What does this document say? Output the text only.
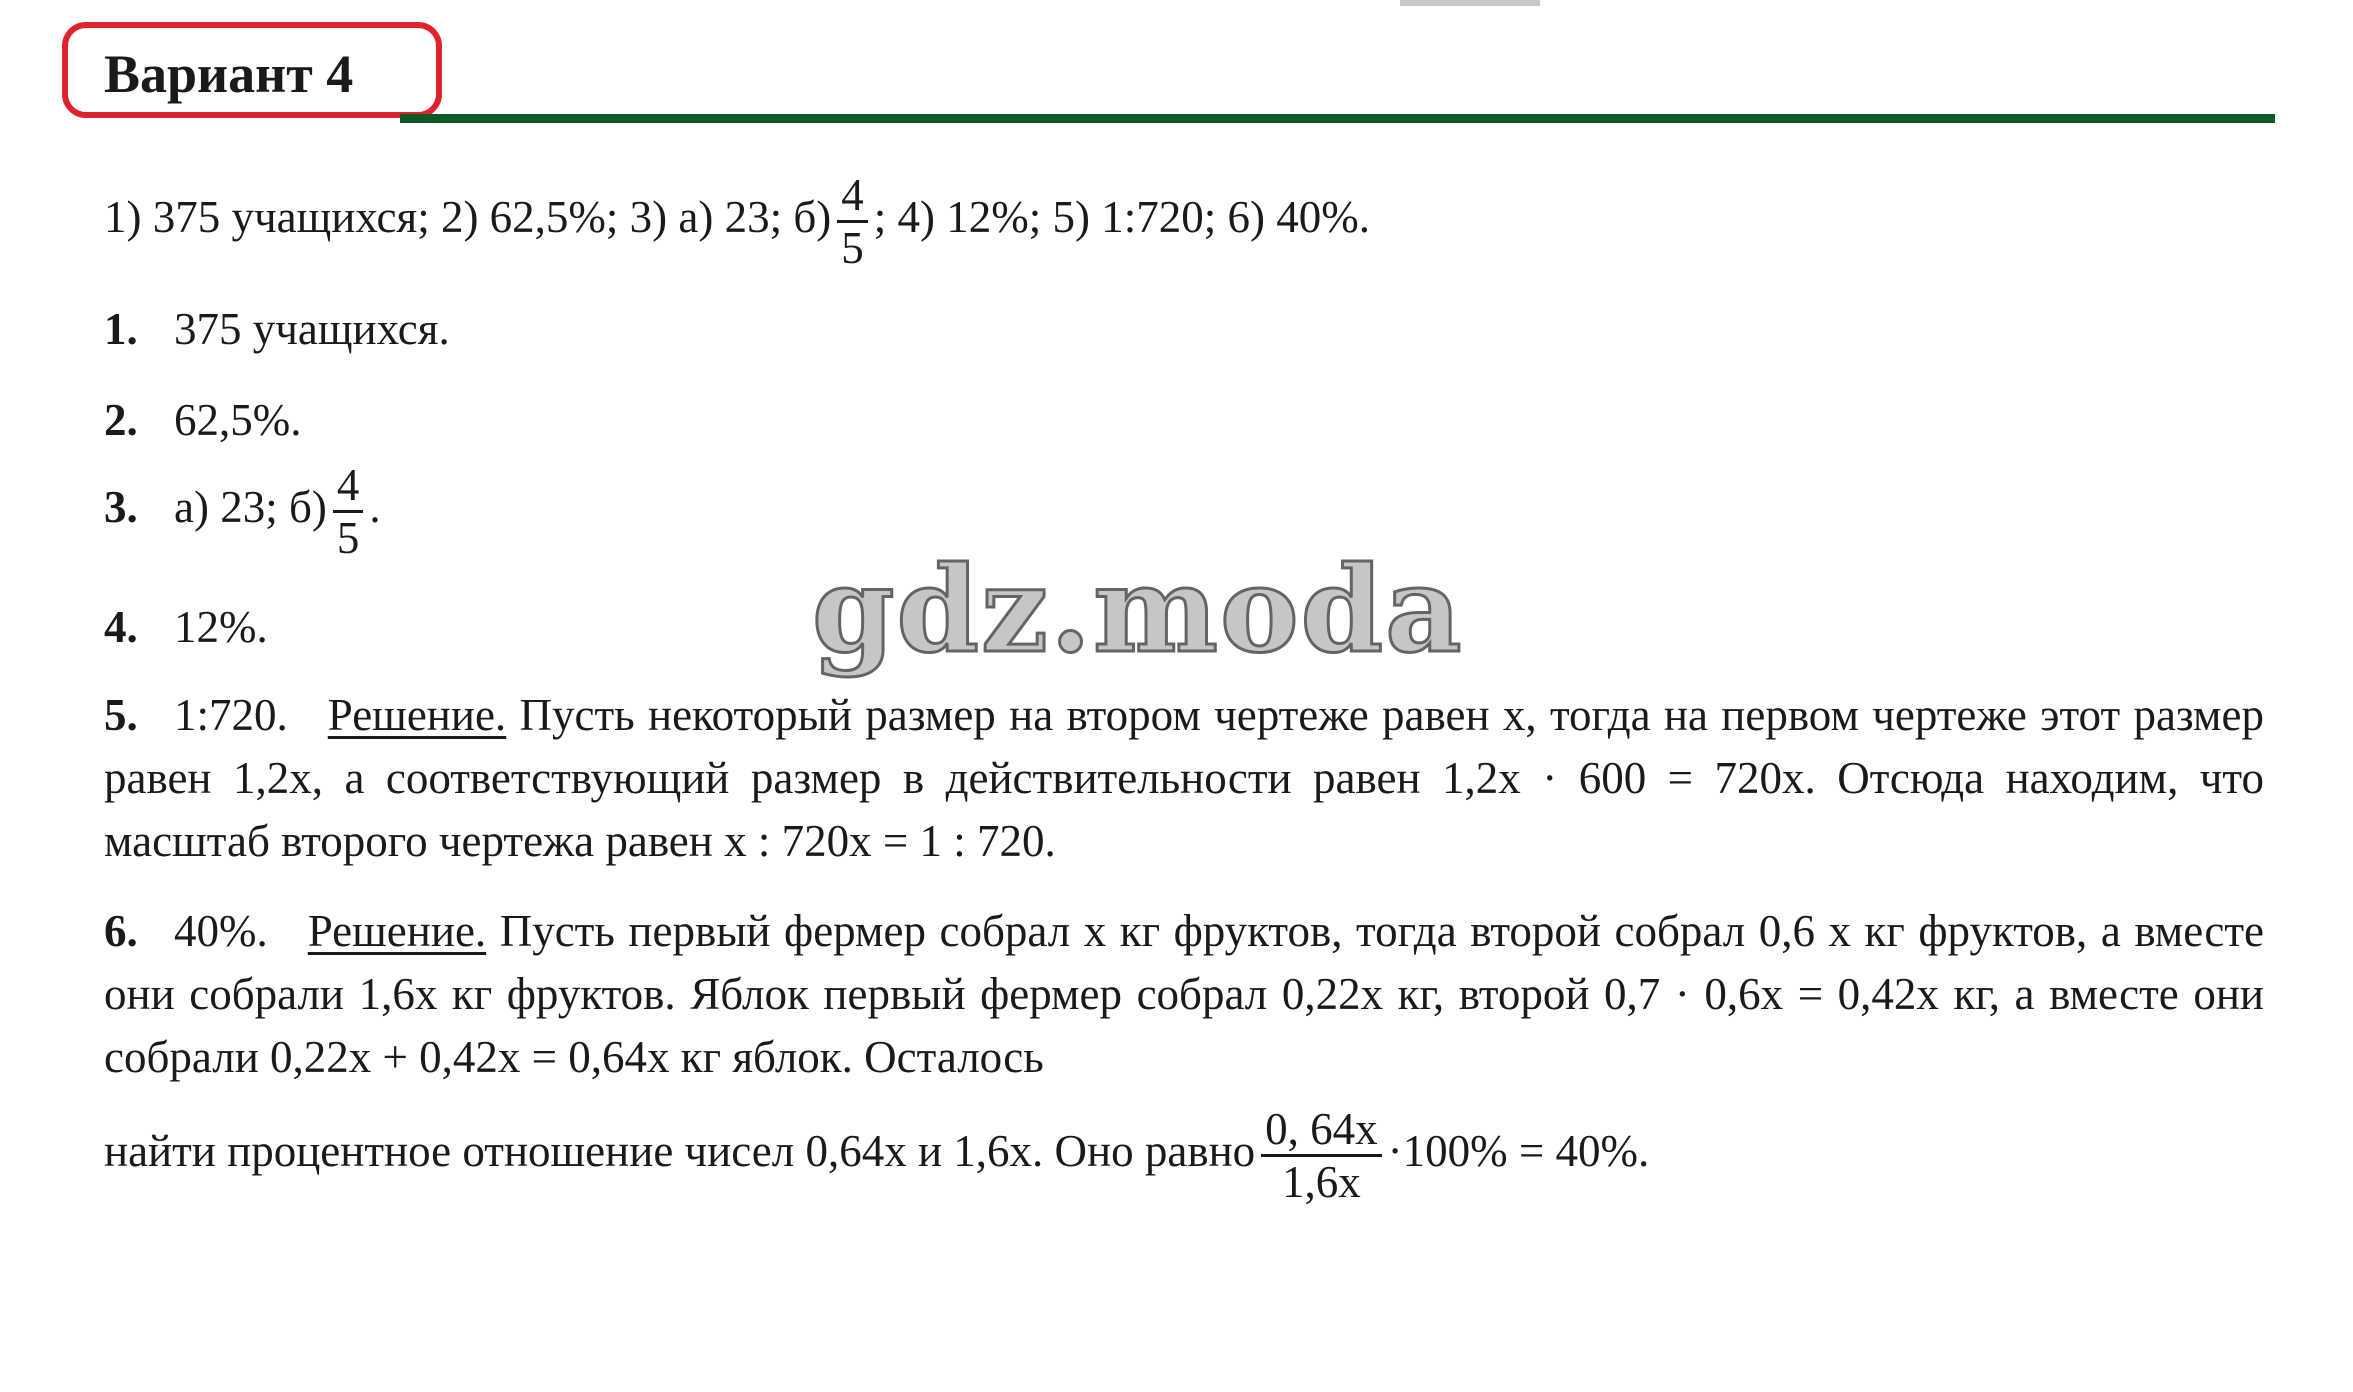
Вариант 4
1) 375 учащихся; 2) 62,5%; 3) а) 23; $б) \frac{4}{5}$ ; 4) 12%; 5) 1:720; 6) 40%.
1. 375 учащихся.
2. 62,5%.
3. а) 23; $б) \frac{4}{5}$ .
4. 12%.
5. 1:720. Решение. Пусть некоторый размер на втором чертеже равен x, тогда на первом чертеже этот размер равен 1,2x, а соответствующий размер в действительности равен 1,2x · 600 = 720x. Отсюда находим, что масштаб второго чертежа равен x : 720x = 1 : 720.
6. 40%. Решение. Пусть первый фермер собрал x кг фруктов, тогда второй собрал 0,6 x кг фруктов, а вместе они собрали 1,6x кг фруктов. Яблок первый фермер собрал 0,22x кг, второй 0,7 · 0,6x = 0,42x кг, а вместе они собрали 0,22x + 0,42x = 0,64x кг яблок. Осталось
найти процентное отношение чисел 0,64x и 1,6x. Оно равно $\frac{0, 64x}{1,6x} \cdot 100\% = 40\%$.
gdz.moda
